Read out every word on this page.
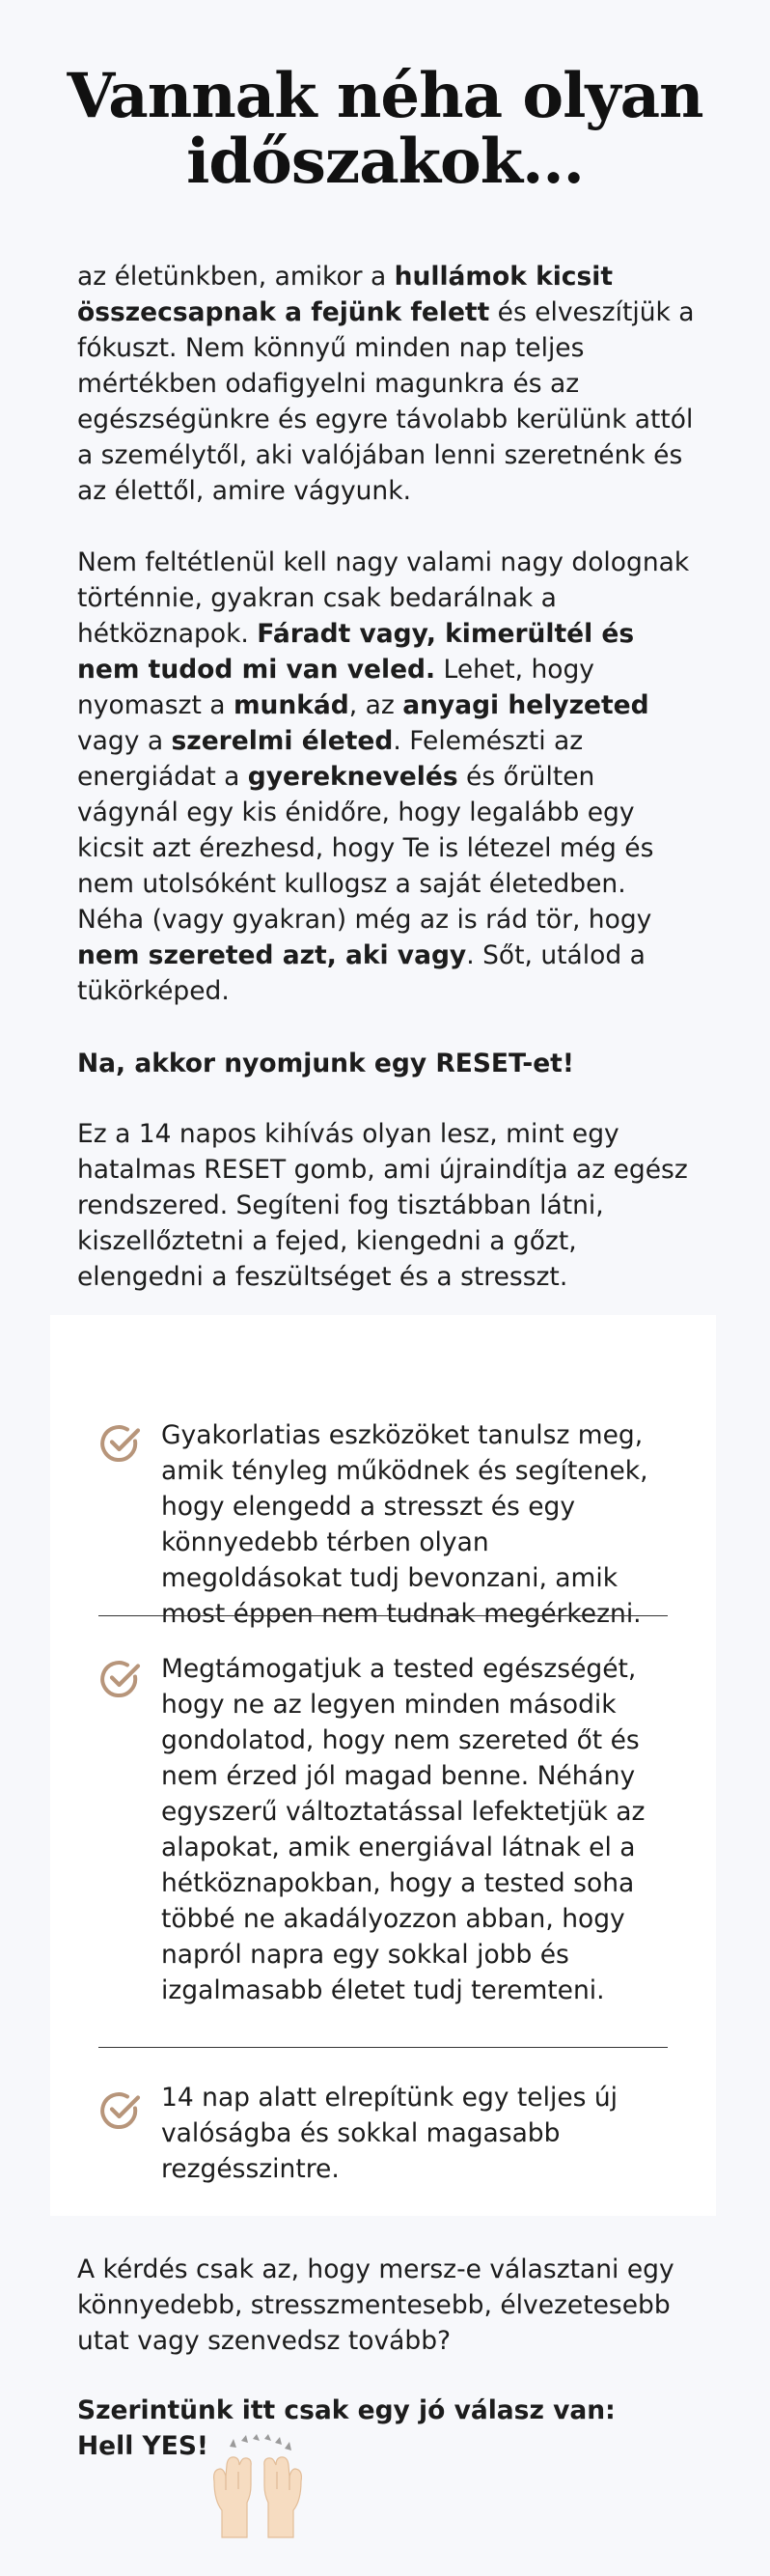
Vannak néha olyan
időszakok...

az életünkben, amikor a hullámok kicsit összecsapnak a fejünk felett és elveszítjük a fókuszt. Nem könnyű minden nap teljes mértékben odafigyelni magunkra és az egészségünkre és egyre távolabb kerülünk attól a személytől, aki valójában lenni szeretnénk és az élettől, amire vágyunk.

Nem feltétlenül kell nagy valami nagy dolognak történnie, gyakran csak bedarálnak a hétköznapok. Fáradt vagy, kimerültél és nem tudod mi van veled. Lehet, hogy nyomaszt a munkád, az anyagi helyzeted vagy a szerelmi életed. Felemészti az energiádat a gyereknevelés és őrülten vágynál egy kis énidőre, hogy legalább egy kicsit azt érezhesd, hogy Te is létezel még és nem utolsóként kullogsz a saját életedben. Néha (vagy gyakran) még az is rád tör, hogy nem szereted azt, aki vagy. Sőt, utálod a tükörképed.

Na, akkor nyomjunk egy RESET-et!

Ez a 14 napos kihívás olyan lesz, mint egy hatalmas RESET gomb, ami újraindítja az egész rendszered. Segíteni fog tisztábban látni, kiszellőztetni a fejed, kiengedni a gőzt, elengedni a feszültséget és a stresszt.

Gyakorlatias eszközöket tanulsz meg, amik tényleg működnek és segítenek, hogy elengedd a stresszt és egy könnyedebb térben olyan megoldásokat tudj bevonzani, amik most éppen nem tudnak megérkezni.
Megtámogatjuk a tested egészségét, hogy ne az legyen minden második gondolatod, hogy nem szereted őt és nem érzed jól magad benne. Néhány egyszerű változtatással lefektetjük az alapokat, amik energiával látnak el a hétköznapokban, hogy a tested soha többé ne akadályozzon abban, hogy napról napra egy sokkal jobb és izgalmasabb életet tudj teremteni.
14 nap alatt elrepítünk egy teljes új valóságba és sokkal magasabb rezgésszintre.

A kérdés csak az, hogy mersz-e választani egy könnyedebb, stresszmentesebb, élvezetesebb utat vagy szenvedsz tovább?

Szerintünk itt csak egy jó válasz van:
Hell YES!
